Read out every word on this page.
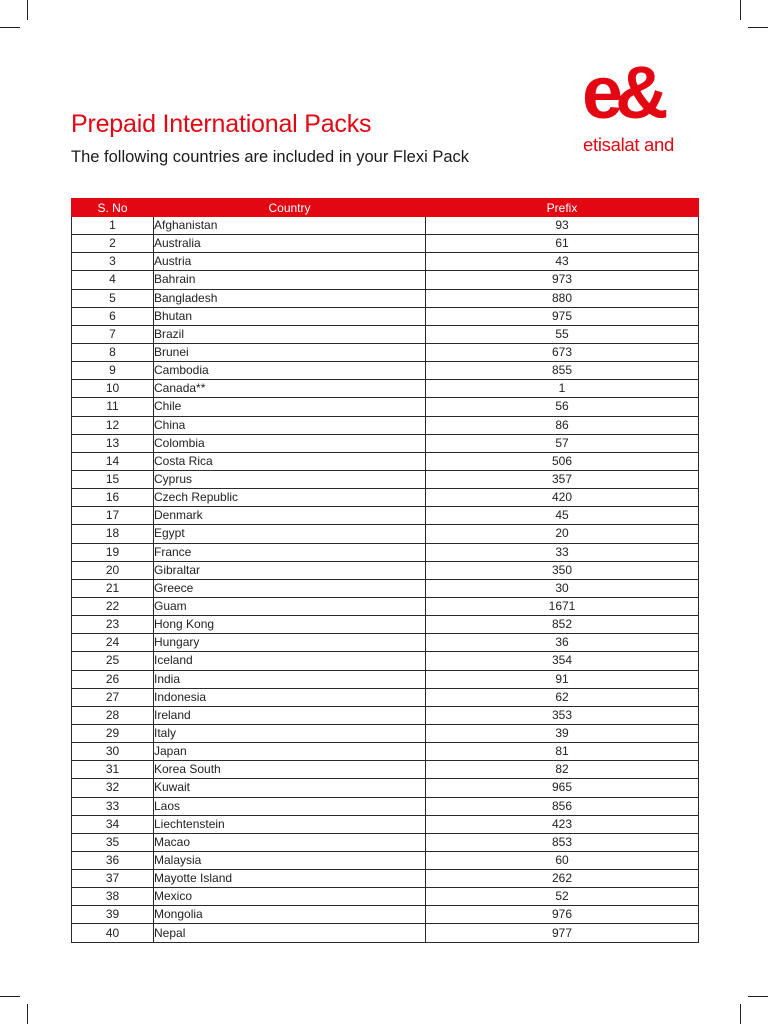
Prepaid International Packs
The following countries are included in your Flexi Pack
e&
etisalat and
S. No	Country	Prefix
1	Afghanistan	93
2	Australia	61
3	Austria	43
4	Bahrain	973
5	Bangladesh	880
6	Bhutan	975
7	Brazil	55
8	Brunei	673
9	Cambodia	855
10	Canada**	1
11	Chile	56
12	China	86
13	Colombia	57
14	Costa Rica	506
15	Cyprus	357
16	Czech Republic	420
17	Denmark	45
18	Egypt	20
19	France	33
20	Gibraltar	350
21	Greece	30
22	Guam	1671
23	Hong Kong	852
24	Hungary	36
25	Iceland	354
26	India	91
27	Indonesia	62
28	Ireland	353
29	Italy	39
30	Japan	81
31	Korea South	82
32	Kuwait	965
33	Laos	856
34	Liechtenstein	423
35	Macao	853
36	Malaysia	60
37	Mayotte Island	262
38	Mexico	52
39	Mongolia	976
40	Nepal	977
